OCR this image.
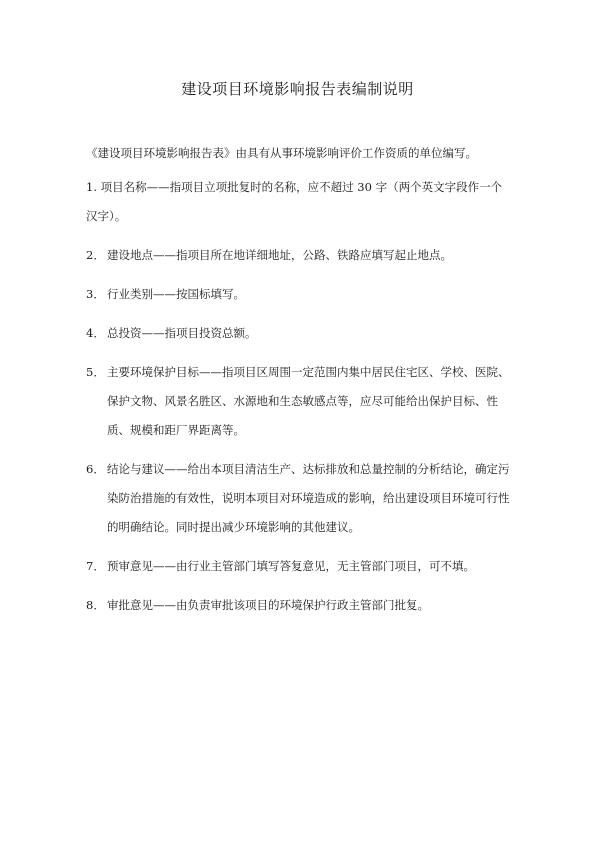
建设项目环境影响报告表编制说明
《建设项目环境影响报告表》由具有从事环境影响评价工作资质的单位编写。
1. 项目名称——指项目立项批复时的名称，应不超过 30 字（两个英文字段作一个汉字）。
2． 建设地点——指项目所在地详细地址，公路、铁路应填写起止地点。
3． 行业类别——按国标填写。
4． 总投资——指项目投资总额。
5． 主要环境保护目标——指项目区周围一定范围内集中居民住宅区、学校、医院、保护文物、风景名胜区、水源地和生态敏感点等，应尽可能给出保护目标、性质、规模和距厂界距离等。
6． 结论与建议——给出本项目清洁生产、达标排放和总量控制的分析结论，确定污染防治措施的有效性，说明本项目对环境造成的影响，给出建设项目环境可行性的明确结论。同时提出减少环境影响的其他建议。
7． 预审意见——由行业主管部门填写答复意见，无主管部门项目，可不填。
8． 审批意见——由负责审批该项目的环境保护行政主管部门批复。
